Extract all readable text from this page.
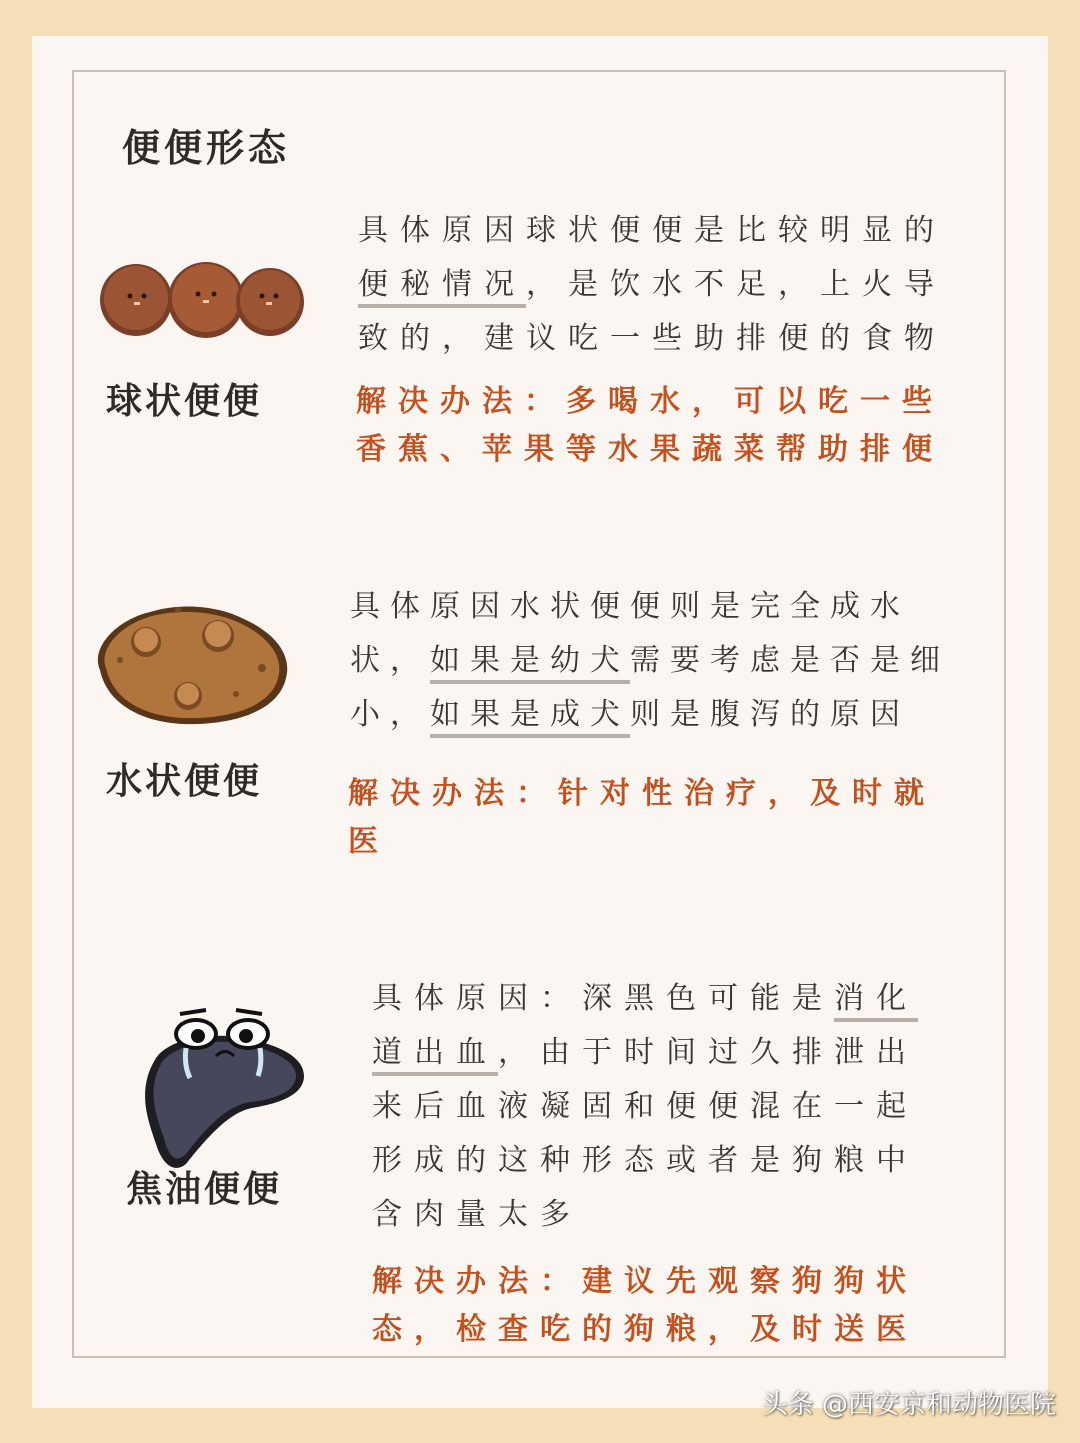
便便形态
球状便便
具体原因球状便便是比较明显的
便秘情况，是饮水不足，上火导
致的，建议吃一些助排便的食物
解决办法：多喝水，可以吃一些
香蕉、苹果等水果蔬菜帮助排便
水状便便
具体原因水状便便则是完全成水
状，如果是幼犬需要考虑是否是细
小，如果是成犬则是腹泻的原因
解决办法：针对性治疗，及时就
医
焦油便便
具体原因：深黑色可能是消化
道出血，由于时间过久排泄出
来后血液凝固和便便混在一起
形成的这种形态或者是狗粮中
含肉量太多
解决办法：建议先观察狗狗状
态，检查吃的狗粮，及时送医
头条 @西安京和动物医院
